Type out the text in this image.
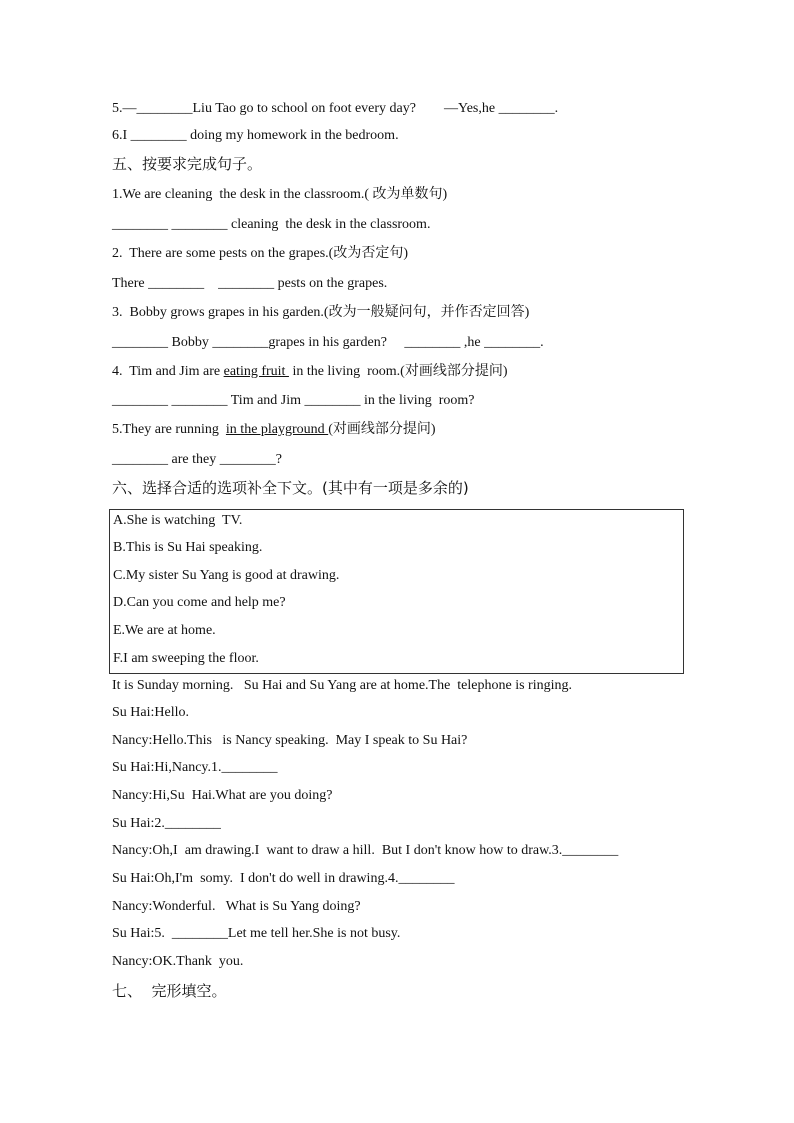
5.—________Liu Tao go to school on foot every day?        —Yes,he ________.
6.I ________ doing my homework in the bedroom.
五、按要求完成句子。
1.We are cleaning  the desk in the classroom.( 改为单数句)
________ ________ cleaning  the desk in the classroom.
2.  There are some pests on the grapes.(改为否定句)
There ________    ________ pests on the grapes.
3.  Bobby grows grapes in his garden.(改为一般疑问句，并作否定回答)
________ Bobby ________grapes in his garden?     ________ ,he ________.
4.  Tim and Jim are eating fruit  in the living  room.(对画线部分提问)
________ ________ Tim and Jim ________ in the living  room?
5.They are running  in the playground (对画线部分提问)
________ are they ________?
六、选择合适的选项补全下文。(其中有一项是多余的)
A.She is watching  TV.
B.This is Su Hai speaking.
C.My sister Su Yang is good at drawing.
D.Can you come and help me?
E.We are at home.
F.I am sweeping the floor.
It is Sunday morning.   Su Hai and Su Yang are at home.The  telephone is ringing.
Su Hai:Hello.
Nancy:Hello.This   is Nancy speaking.  May I speak to Su Hai?
Su Hai:Hi,Nancy.1.________
Nancy:Hi,Su  Hai.What are you doing?
Su Hai:2.________
Nancy:Oh,I  am drawing.I  want to draw a hill.  But I don't know how to draw.3.________
Su Hai:Oh,I'm  somy.  I don't do well in drawing.4.________
Nancy:Wonderful.   What is Su Yang doing?
Su Hai:5.  ________Let me tell her.She is not busy.
Nancy:OK.Thank  you.
七、  完形填空。
